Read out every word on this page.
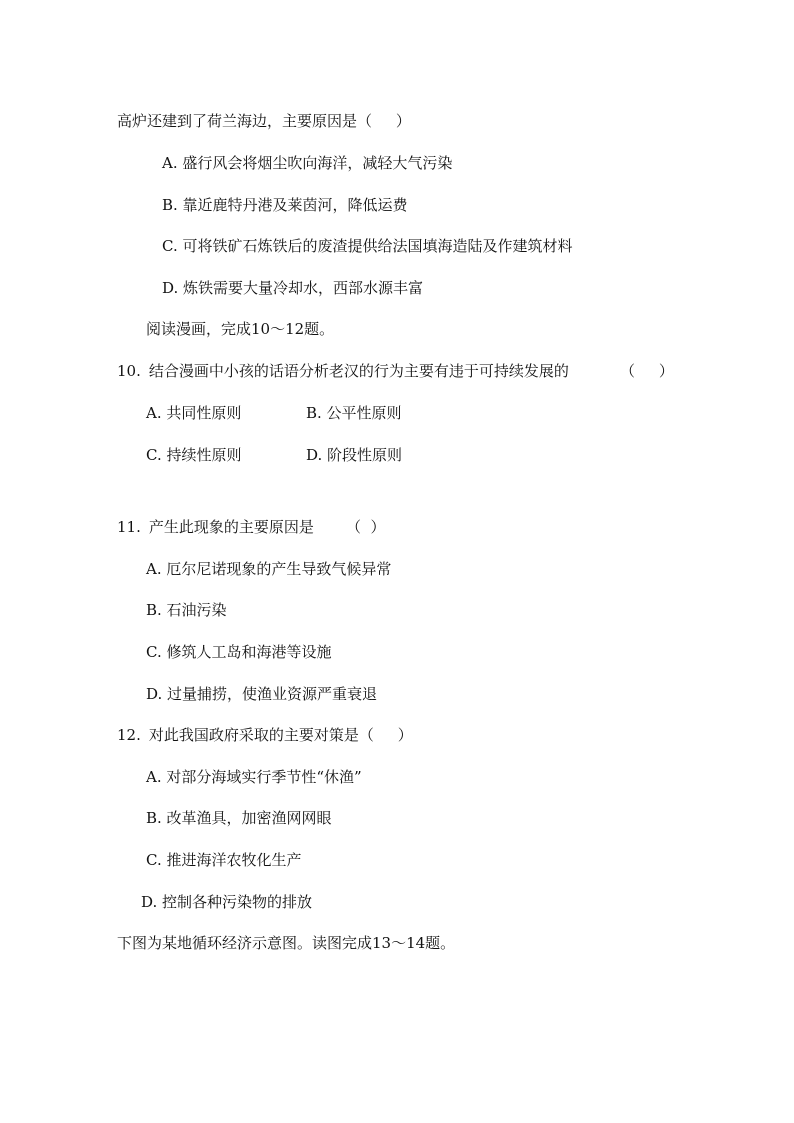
高炉还建到了荷兰海边，主要原因是（     ）
A. 盛行风会将烟尘吹向海洋，减轻大气污染
B. 靠近鹿特丹港及莱茵河，降低运费
C. 可将铁矿石炼铁后的废渣提供给法国填海造陆及作建筑材料
D. 炼铁需要大量冷却水，西部水源丰富
阅读漫画，完成10～12题。
10. 结合漫画中小孩的话语分析老汉的行为主要有违于可持续发展的	（     ）
A. 共同性原则	B. 公平性原则
C. 持续性原则	D. 阶段性原则
11. 产生此现象的主要原因是 （  ）
A. 厄尔尼诺现象的产生导致气候异常
B. 石油污染
C. 修筑人工岛和海港等设施
D. 过量捕捞，使渔业资源严重衰退
12. 对此我国政府采取的主要对策是（     ）
A. 对部分海域实行季节性“休渔”
B. 改革渔具，加密渔网网眼
C. 推进海洋农牧化生产
D. 控制各种污染物的排放
下图为某地循环经济示意图。读图完成13～14题。
